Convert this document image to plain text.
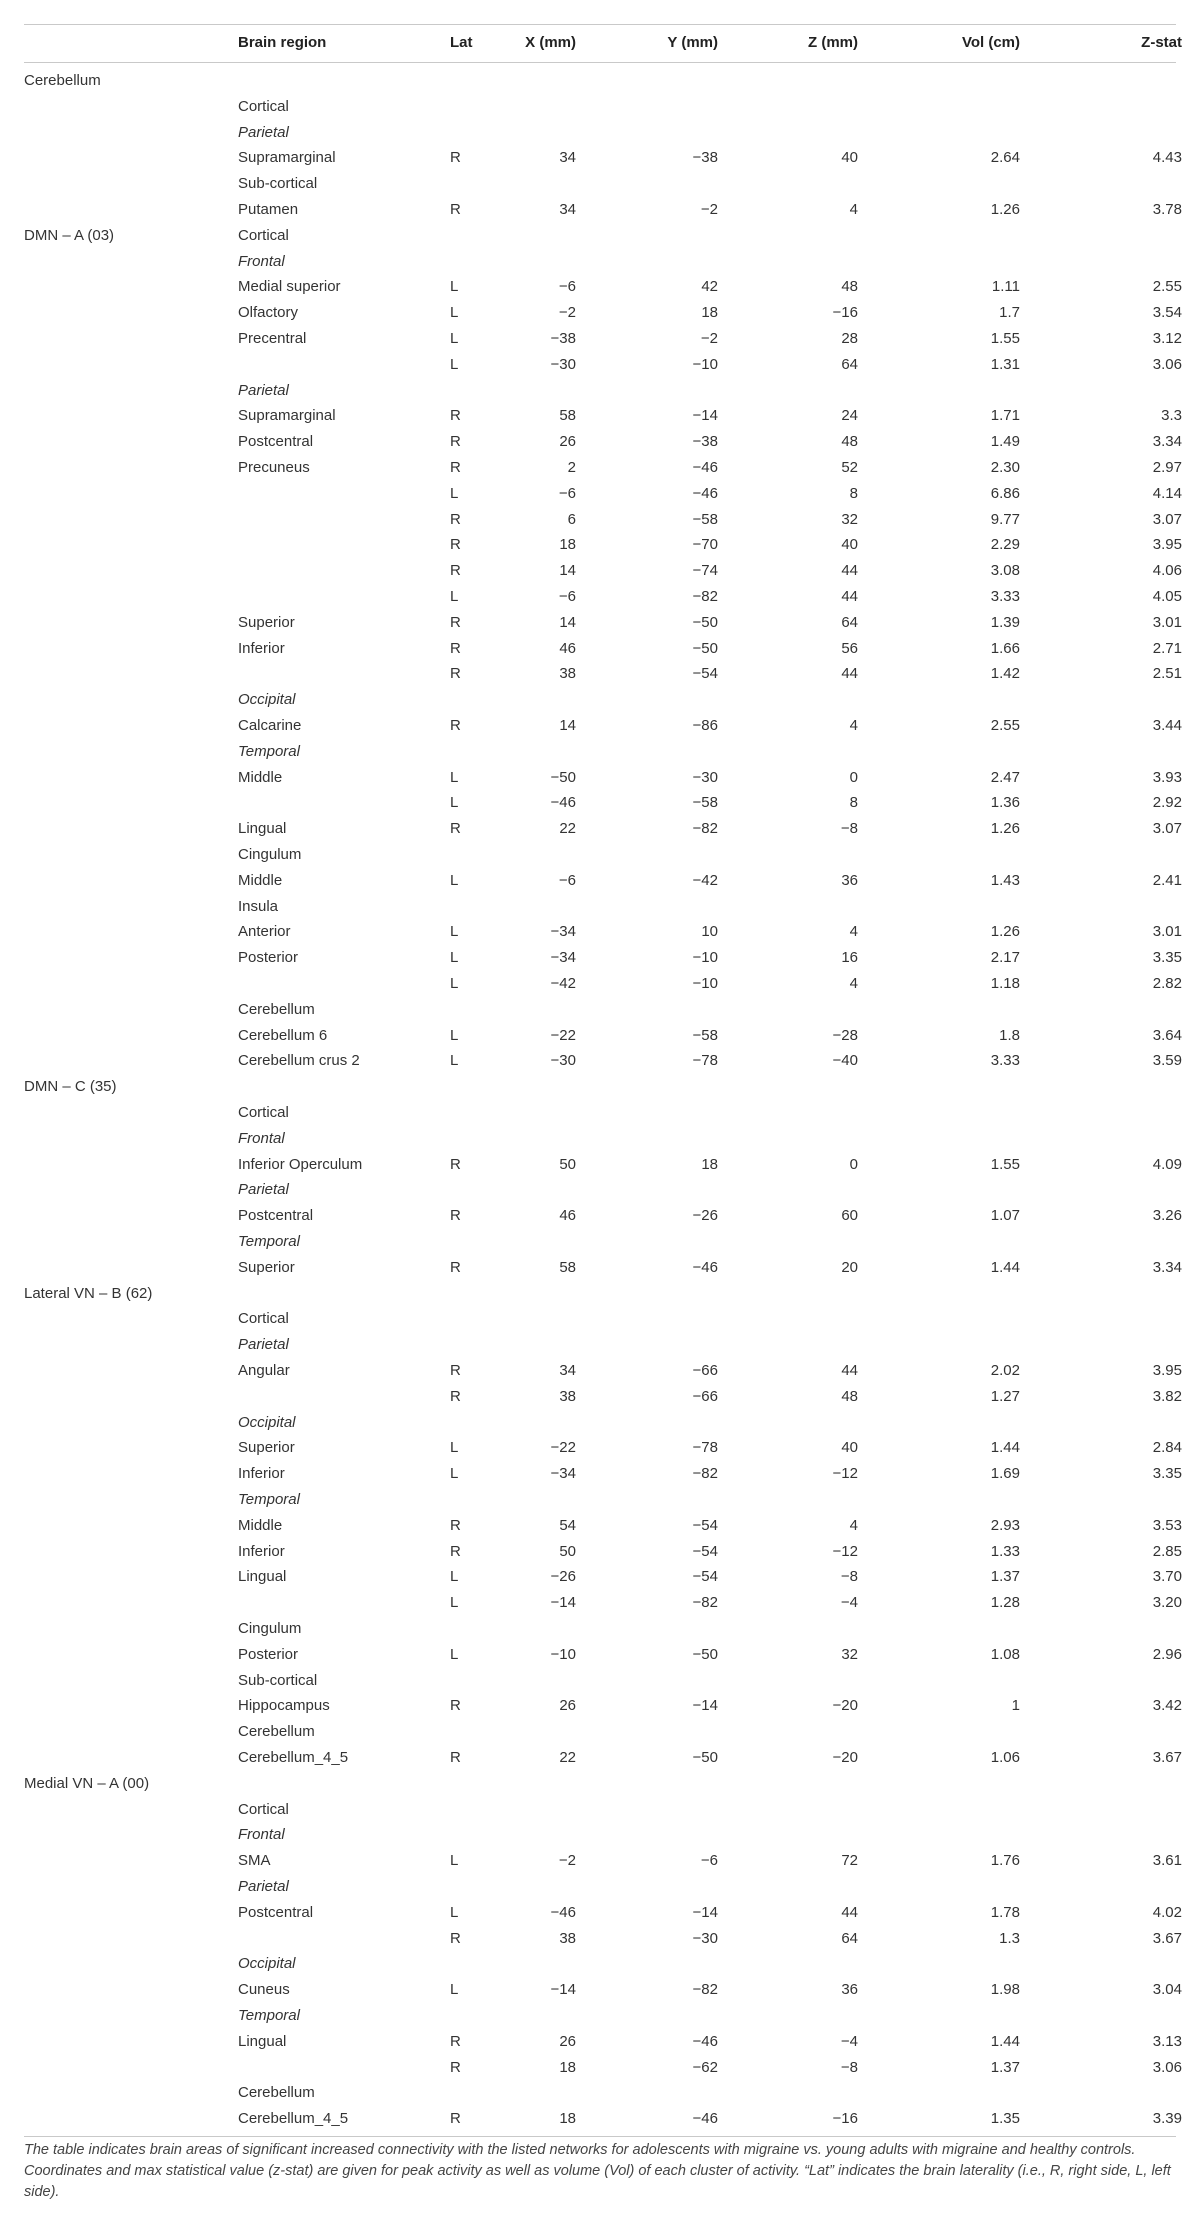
Brain region	Lat	X (mm)	Y (mm)	Z (mm)	Vol (cm)	Z-stat
Cerebellum
Cortical
Parietal
Supramarginal	R	34	−38	40	2.64	4.43
Sub-cortical
Putamen	R	34	−2	4	1.26	3.78
DMN – A (03)	Cortical
Frontal
Medial superior	L	−6	42	48	1.11	2.55
Olfactory	L	−2	18	−16	1.7	3.54
Precentral	L	−38	−2	28	1.55	3.12
L	−30	−10	64	1.31	3.06
Parietal
Supramarginal	R	58	−14	24	1.71	3.3
Postcentral	R	26	−38	48	1.49	3.34
Precuneus	R	2	−46	52	2.30	2.97
L	−6	−46	8	6.86	4.14
R	6	−58	32	9.77	3.07
R	18	−70	40	2.29	3.95
R	14	−74	44	3.08	4.06
L	−6	−82	44	3.33	4.05
Superior	R	14	−50	64	1.39	3.01
Inferior	R	46	−50	56	1.66	2.71
R	38	−54	44	1.42	2.51
Occipital
Calcarine	R	14	−86	4	2.55	3.44
Temporal
Middle	L	−50	−30	0	2.47	3.93
L	−46	−58	8	1.36	2.92
Lingual	R	22	−82	−8	1.26	3.07
Cingulum
Middle	L	−6	−42	36	1.43	2.41
Insula
Anterior	L	−34	10	4	1.26	3.01
Posterior	L	−34	−10	16	2.17	3.35
L	−42	−10	4	1.18	2.82
Cerebellum
Cerebellum 6	L	−22	−58	−28	1.8	3.64
Cerebellum crus 2	L	−30	−78	−40	3.33	3.59
DMN – C (35)
Cortical
Frontal
Inferior Operculum	R	50	18	0	1.55	4.09
Parietal
Postcentral	R	46	−26	60	1.07	3.26
Temporal
Superior	R	58	−46	20	1.44	3.34
Lateral VN – B (62)
Cortical
Parietal
Angular	R	34	−66	44	2.02	3.95
R	38	−66	48	1.27	3.82
Occipital
Superior	L	−22	−78	40	1.44	2.84
Inferior	L	−34	−82	−12	1.69	3.35
Temporal
Middle	R	54	−54	4	2.93	3.53
Inferior	R	50	−54	−12	1.33	2.85
Lingual	L	−26	−54	−8	1.37	3.70
L	−14	−82	−4	1.28	3.20
Cingulum
Posterior	L	−10	−50	32	1.08	2.96
Sub-cortical
Hippocampus	R	26	−14	−20	1	3.42
Cerebellum
Cerebellum_4_5	R	22	−50	−20	1.06	3.67
Medial VN – A (00)
Cortical
Frontal
SMA	L	−2	−6	72	1.76	3.61
Parietal
Postcentral	L	−46	−14	44	1.78	4.02
R	38	−30	64	1.3	3.67
Occipital
Cuneus	L	−14	−82	36	1.98	3.04
Temporal
Lingual	R	26	−46	−4	1.44	3.13
R	18	−62	−8	1.37	3.06
Cerebellum
Cerebellum_4_5	R	18	−46	−16	1.35	3.39
The table indicates brain areas of significant increased connectivity with the listed networks for adolescents with migraine vs. young adults with migraine and healthy controls. Coordinates and max statistical value (z-stat) are given for peak activity as well as volume (Vol) of each cluster of activity. “Lat” indicates the brain laterality (i.e., R, right side, L, left side).
